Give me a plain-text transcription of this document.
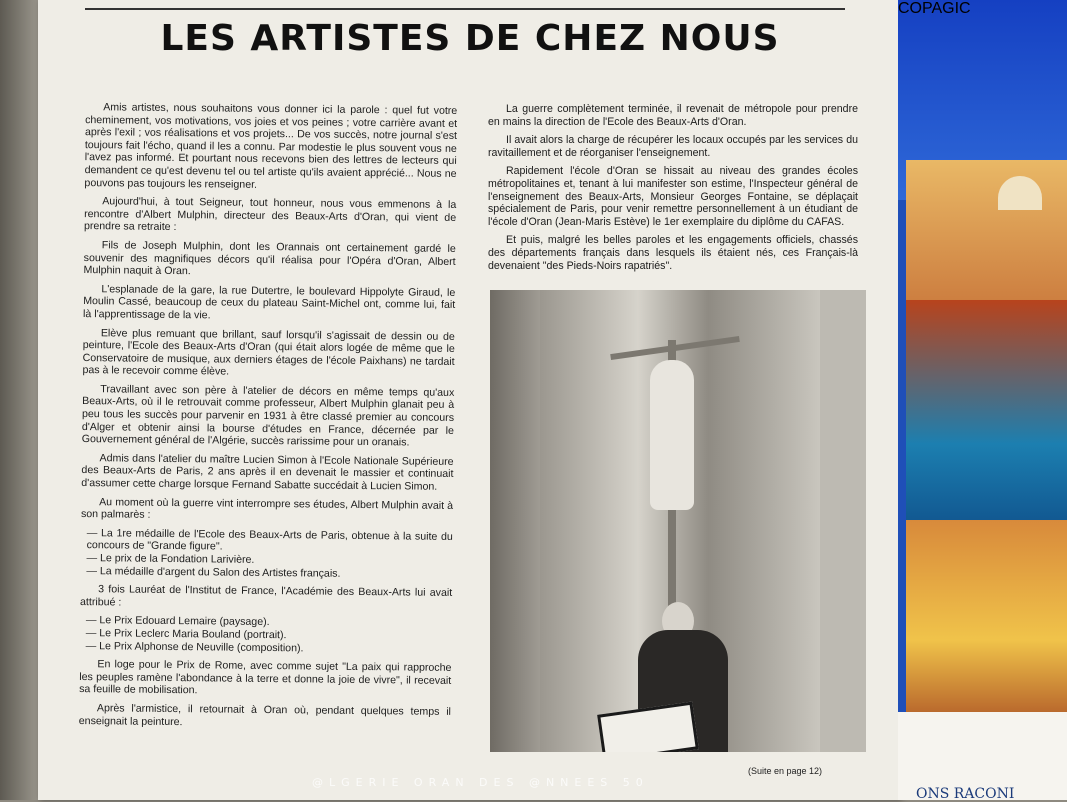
LES ARTISTES DE CHEZ NOUS

Amis artistes, nous souhaitons vous donner ici la parole : quel fut votre cheminement, vos motivations, vos joies et vos peines ; votre carrière avant et après l'exil ; vos réalisations et vos projets... De vos succès, notre journal s'est toujours fait l'écho, quand il les a connu. Par modestie le plus souvent vous ne l'avez pas informé. Et pourtant nous recevons bien des lettres de lecteurs qui demandent ce qu'est devenu tel ou tel artiste qu'ils avaient apprécié... Nous ne pouvons pas toujours les renseigner.

Aujourd'hui, à tout Seigneur, tout honneur, nous vous emmenons à la rencontre d'Albert Mulphin, directeur des Beaux-Arts d'Oran, qui vient de prendre sa retraite :

Fils de Joseph Mulphin, dont les Orannais ont certainement gardé le souvenir des magnifiques décors qu'il réalisa pour l'Opéra d'Oran, Albert Mulphin naquit à Oran.

L'esplanade de la gare, la rue Dutertre, le boulevard Hippolyte Giraud, le Moulin Cassé, beaucoup de ceux du plateau Saint-Michel ont, comme lui, fait là l'apprentissage de la vie.

Elève plus remuant que brillant, sauf lorsqu'il s'agissait de dessin ou de peinture, l'Ecole des Beaux-Arts d'Oran (qui était alors logée de même que le Conservatoire de musique, aux derniers étages de l'école Paixhans) ne tardait pas à le recevoir comme élève.

Travaillant avec son père à l'atelier de décors en même temps qu'aux Beaux-Arts, où il le retrouvait comme professeur, Albert Mulphin glanait peu à peu tous les succès pour parvenir en 1931 à être classé premier au concours d'Alger et obtenir ainsi la bourse d'études en France, décernée par le Gouvernement général de l'Algérie, succès rarissime pour un oranais.

Admis dans l'atelier du maître Lucien Simon à l'Ecole Nationale Supérieure des Beaux-Arts de Paris, 2 ans après il en devenait le massier et continuait d'assumer cette charge lorsque Fernand Sabatte succédait à Lucien Simon.

Au moment où la guerre vint interrompre ses études, Albert Mulphin avait à son palmarès :

— La 1re médaille de l'Ecole des Beaux-Arts de Paris, obtenue à la suite du concours de "Grande figure".

— Le prix de la Fondation Larivière.

— La médaille d'argent du Salon des Artistes français.

3 fois Lauréat de l'Institut de France, l'Académie des Beaux-Arts lui avait attribué :

— Le Prix Edouard Lemaire (paysage).

— Le Prix Leclerc Maria Bouland (portrait).

— Le Prix Alphonse de Neuville (composition).

En loge pour le Prix de Rome, avec comme sujet "La paix qui rapproche les peuples ramène l'abondance à la terre et donne la joie de vivre", il recevait sa feuille de mobilisation.

Après l'armistice, il retournait à Oran où, pendant quelques temps il enseignait la peinture.

La guerre complètement terminée, il revenait de métropole pour prendre en mains la direction de l'Ecole des Beaux-Arts d'Oran.

Il avait alors la charge de récupérer les locaux occupés par les services du ravitaillement et de réorganiser l'enseignement.

Rapidement l'école d'Oran se hissait au niveau des grandes écoles métropolitaines et, tenant à lui manifester son estime, l'Inspecteur général de l'enseignement des Beaux-Arts, Monsieur Georges Fontaine, se déplaçait spécialement de Paris, pour venir remettre personnellement à un étudiant de l'école d'Oran (Jean-Maris Estève) le 1er exemplaire du diplôme du CAFAS.

Et puis, malgré les belles paroles et les engagements officiels, chassés des départements français dans lesquels ils étaient nés, ces Français-là devenaient "des Pieds-Noirs rapatriés".

(Suite en page 12)
@LGERIE ORAN DES @NNEES 50
COPAGIC
ONS RACONI
